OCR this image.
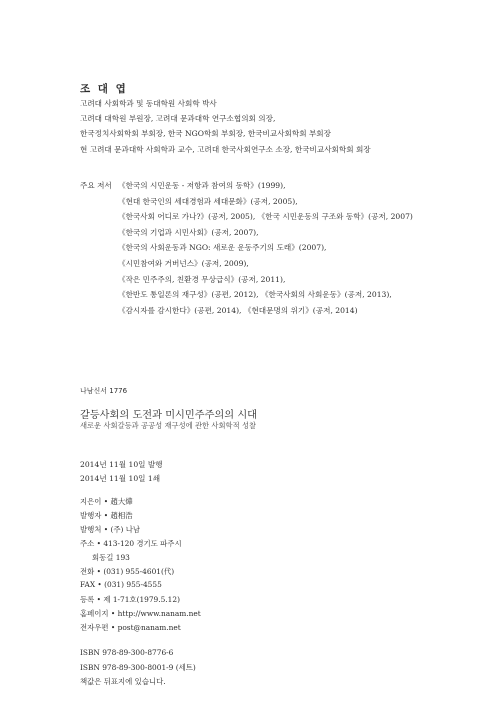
조 대 엽
고려대 사회학과 및 동대학원 사회학 박사
고려대 대학원 부원장, 고려대 문과대학 연구소협의회 의장,
한국정치사회학회 부회장, 한국 NGO학회 부회장, 한국비교사회학회 부회장
현 고려대 문과대학 사회학과 교수, 고려대 한국사회연구소 소장, 한국비교사회학회 회장
주요 저서 《한국의 시민운동 - 저항과 참여의 동학》(1999),
《현대 한국인의 세대경험과 세대문화》(공저, 2005),
《한국사회 어디로 가나?》(공저, 2005), 《한국 시민운동의 구조와 동학》(공저, 2007)
《한국의 기업과 시민사회》(공저, 2007),
《한국의 사회운동과 NGO: 새로운 운동주기의 도래》(2007),
《시민참여와 거버넌스》(공저, 2009),
《작은 민주주의, 친환경 무상급식》(공저, 2011),
《한반도 통일론의 재구성》(공편, 2012), 《한국사회의 사회운동》(공저, 2013),
《감시자를 감시한다》(공편, 2014), 《현대문명의 위기》(공저, 2014)
나남신서 1776
갈등사회의 도전과 미시민주주의의 시대
새로운 사회갈등과 공공성 재구성에 관한 사회학적 성찰
2014년 11월 10일 발행
2014년 11월 10일 1쇄
지은이 • 趙大燁
발행자 • 趙相浩
발행처 • (주) 나남
주소 • 413-120 경기도 파주시
회동길 193
전화 • (031) 955-4601(代)
FAX • (031) 955-4555
등록 • 제 1-71호(1979.5.12)
홈페이지 • http://www.nanam.net
전자우편 • post@nanam.net
ISBN 978-89-300-8776-6
ISBN 978-89-300-8001-9 (세트)
책값은 뒤표지에 있습니다.
